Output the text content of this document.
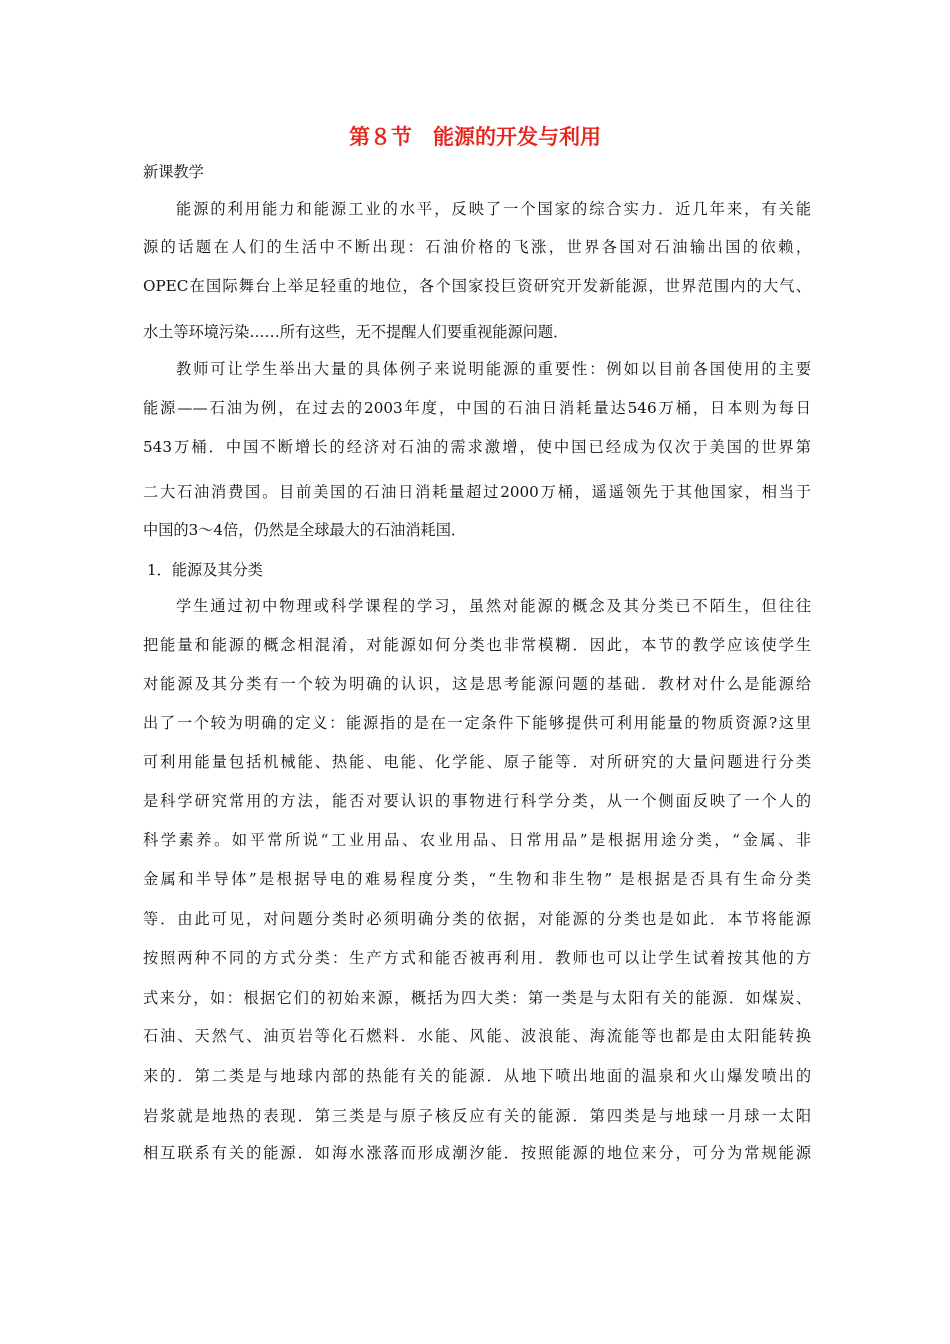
第８节　能源的开发与利用
新课教学
能源的利用能力和能源工业的水平，反映了一个国家的综合实力．近几年来，有关能
源的话题在人们的生活中不断出现：石油价格的飞涨，世界各国对石油输出国的依赖，
OPEC在国际舞台上举足轻重的地位，各个国家投巨资研究开发新能源，世界范围内的大气、
水土等环境污染……所有这些，无不提醒人们要重视能源问题．
教师可让学生举出大量的具体例子来说明能源的重要性：例如以目前各国使用的主要
能源——石油为例，在过去的2003年度，中国的石油日消耗量达546万桶，日本则为每日
543万桶．中国不断增长的经济对石油的需求激增，使中国已经成为仅次于美国的世界第
二大石油消费国。目前美国的石油日消耗量超过2000万桶，遥遥领先于其他国家，相当于
中国的3～4倍，仍然是全球最大的石油消耗国．
1．能源及其分类
学生通过初中物理或科学课程的学习，虽然对能源的概念及其分类已不陌生，但往往
把能量和能源的概念相混淆，对能源如何分类也非常模糊．因此，本节的教学应该使学生
对能源及其分类有一个较为明确的认识，这是思考能源问题的基础．教材对什么是能源给
出了一个较为明确的定义：能源指的是在一定条件下能够提供可利用能量的物质资源?这里
可利用能量包括机械能、热能、电能、化学能、原子能等．对所研究的大量问题进行分类
是科学研究常用的方法，能否对要认识的事物进行科学分类，从一个侧面反映了一个人的
科学素养。如平常所说“工业用品、农业用品、日常用品”是根据用途分类，“金属、非
金属和半导体”是根据导电的难易程度分类，“生物和非生物” 是根据是否具有生命分类
等．由此可见，对问题分类时必须明确分类的依据，对能源的分类也是如此．本节将能源
按照两种不同的方式分类：生产方式和能否被再利用．教师也可以让学生试着按其他的方
式来分，如：根据它们的初始来源，概括为四大类：第一类是与太阳有关的能源．如煤炭、
石油、天然气、油页岩等化石燃料．水能、风能、波浪能、海流能等也都是由太阳能转换
来的．第二类是与地球内部的热能有关的能源．从地下喷出地面的温泉和火山爆发喷出的
岩浆就是地热的表现．第三类是与原子核反应有关的能源．第四类是与地球一月球一太阳
相互联系有关的能源．如海水涨落而形成潮汐能．按照能源的地位来分，可分为常规能源
